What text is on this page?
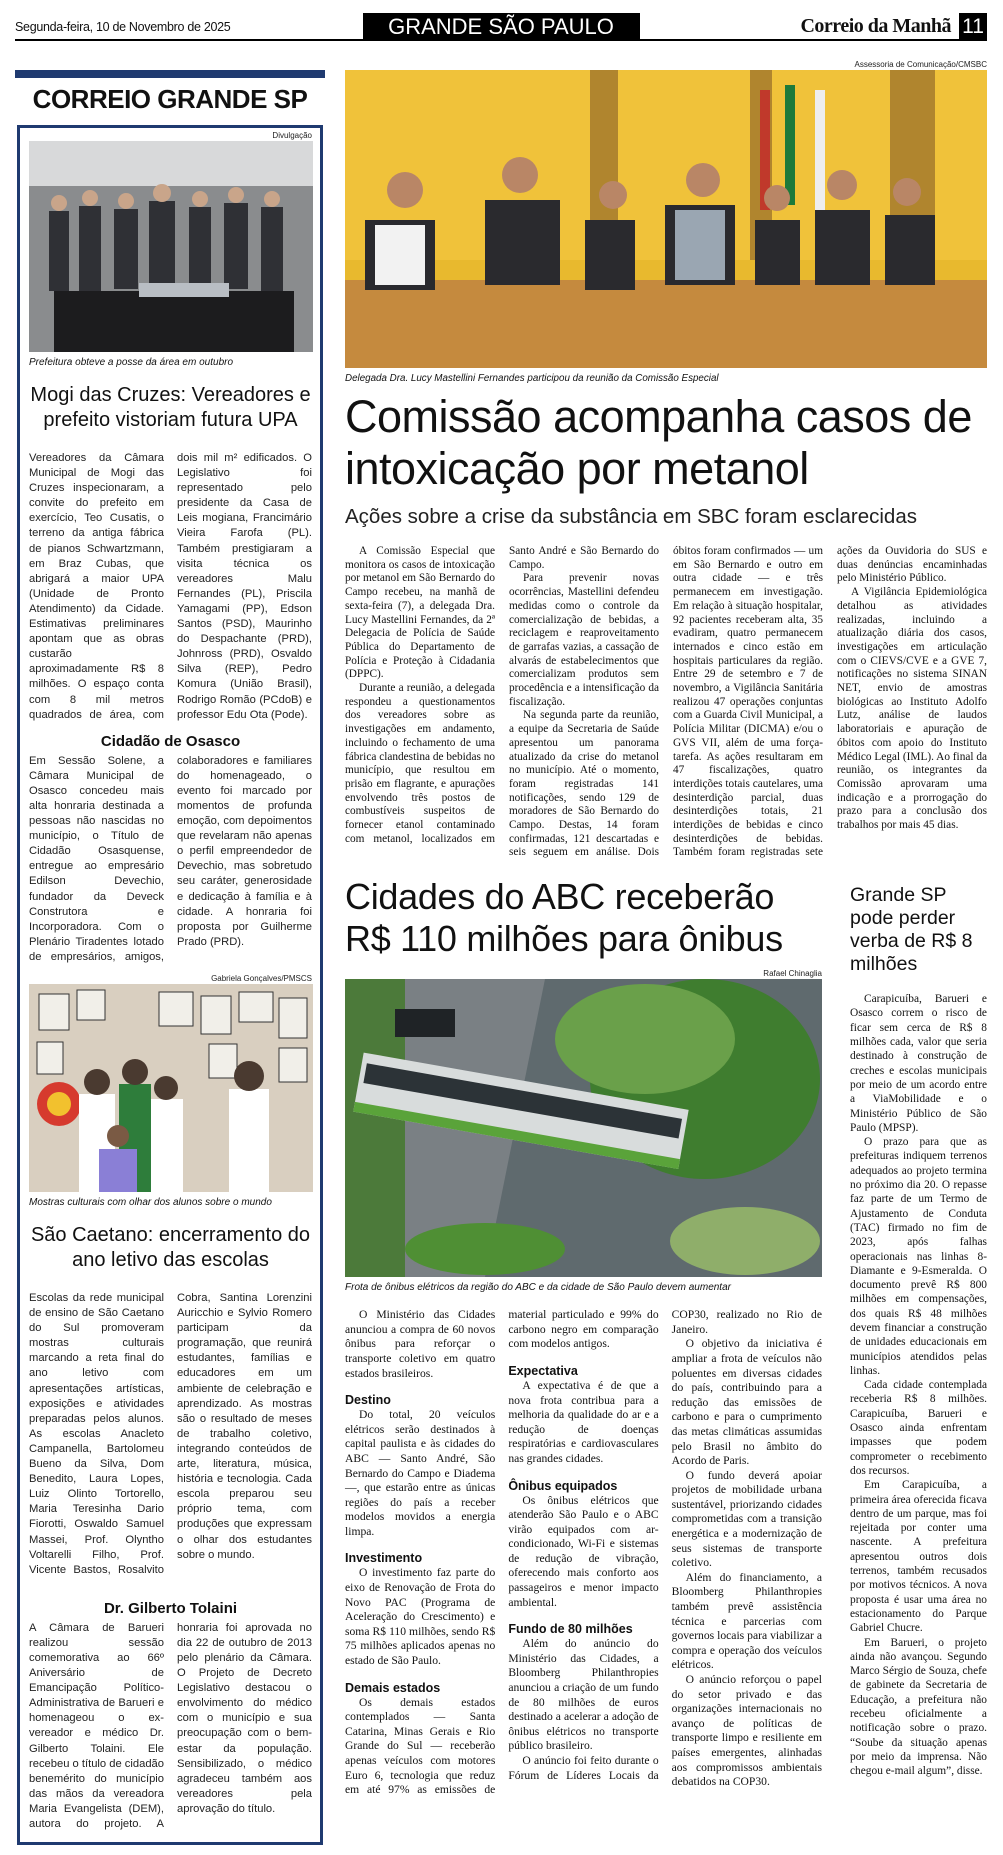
Segunda-feira, 10 de Novembro de 2025	GRANDE SÃO PAULO	Correio da Manhã 11
CORREIO GRANDE SP
Divulgação
Prefeitura obteve a posse da área em outubro
Mogi das Cruzes: Vereadores e prefeito vistoriam futura UPA
Vereadores da Câmara Municipal de Mogi das Cruzes inspecionaram, a convite do prefeito em exercício, Teo Cusatis, o terreno da antiga fábrica de pianos Schwartzmann, em Braz Cubas, que abrigará a maior UPA (Unidade de Pronto Atendimento) da Cidade. Estimativas preliminares apontam que as obras custarão aproximadamente R$ 8 milhões. O espaço conta com 8 mil metros quadrados de área, com dois mil m² edificados. O Legislativo foi representado pelo presidente da Casa de Leis mogiana, Francimário Vieira Farofa (PL). Também prestigiaram a visita técnica os vereadores Malu Fernandes (PL), Priscila Yamagami (PP), Edson Santos (PSD), Maurinho do Despachante (PRD), Johnross (PRD), Osvaldo Silva (REP), Pedro Komura (União Brasil), Rodrigo Romão (PCdoB) e professor Edu Ota (Pode).
Cidadão de Osasco
Em Sessão Solene, a Câmara Municipal de Osasco concedeu mais alta honraria destinada a pessoas não nascidas no município, o Título de Cidadão Osasquense, entregue ao empresário Edilson Devechio, fundador da Deveck Construtora e Incorporadora. Com o Plenário Tiradentes lotado de empresários, amigos, colaboradores e familiares do homenageado, o evento foi marcado por momentos de profunda emoção, com depoimentos que revelaram não apenas o perfil empreendedor de Devechio, mas sobretudo seu caráter, generosidade e dedicação à família e à cidade. A honraria foi proposta por Guilherme Prado (PRD).
Gabriela Gonçalves/PMSCS
Mostras culturais com olhar dos alunos sobre o mundo
São Caetano: encerramento do ano letivo das escolas
Escolas da rede municipal de ensino de São Caetano do Sul promoveram mostras culturais marcando a reta final do ano letivo com apresentações artísticas, exposições e atividades preparadas pelos alunos. As escolas Anacleto Campanella, Bartolomeu Bueno da Silva, Dom Benedito, Laura Lopes, Luiz Olinto Tortorello, Maria Teresinha Dario Fiorotti, Oswaldo Samuel Massei, Prof. Olyntho Voltarelli Filho, Prof. Vicente Bastos, Rosalvito Cobra, Santina Lorenzini Auricchio e Sylvio Romero participam da programação, que reunirá estudantes, famílias e educadores em um ambiente de celebração e aprendizado. As mostras são o resultado de meses de trabalho coletivo, integrando conteúdos de arte, literatura, música, história e tecnologia. Cada escola preparou seu próprio tema, com produções que expressam o olhar dos estudantes sobre o mundo.
Dr. Gilberto Tolaini
A Câmara de Barueri realizou sessão comemorativa ao 66º Aniversário de Emancipação Político-Administrativa de Barueri e homenageou o ex-vereador e médico Dr. Gilberto Tolaini. Ele recebeu o título de cidadão benemérito do município das mãos da vereadora Maria Evangelista (DEM), autora do projeto. A honraria foi aprovada no dia 22 de outubro de 2013 pelo plenário da Câmara. O Projeto de Decreto Legislativo destacou o envolvimento do médico com o município e sua preocupação com o bem-estar da população. Sensibilizado, o médico agradeceu também aos vereadores pela aprovação do título.
Assessoria de Comunicação/CMSBC
Delegada Dra. Lucy Mastellini Fernandes participou da reunião da Comissão Especial
Comissão acompanha casos de intoxicação por metanol
Ações sobre a crise da substância em SBC foram esclarecidas

A Comissão Especial que monitora os casos de intoxicação por metanol em São Bernardo do Campo recebeu, na manhã de sexta-feira (7), a delegada Dra. Lucy Mastellini Fernandes, da 2ª Delegacia de Polícia de Saúde Pública do Departamento de Polícia e Proteção à Cidadania (DPPC).

Durante a reunião, a delegada respondeu a questionamentos dos vereadores sobre as investigações em andamento, incluindo o fechamento de uma fábrica clandestina de bebidas no município, que resultou em prisão em flagrante, e apurações envolvendo três postos de combustíveis suspeitos de fornecer etanol contaminado com metanol, localizados em Santo André e São Bernardo do Campo.

Para prevenir novas ocorrências, Mastellini defendeu medidas como o controle da comercialização de bebidas, a reciclagem e reaproveitamento de garrafas vazias, a cassação de alvarás de estabelecimentos que comercializam produtos sem procedência e a intensificação da fiscalização.

Na segunda parte da reunião, a equipe da Secretaria de Saúde apresentou um panorama atualizado da crise do metanol no município. Até o momento, foram registradas 141 notificações, sendo 129 de moradores de São Bernardo do Campo. Destas, 14 foram confirmadas, 121 descartadas e seis seguem em análise. Dois óbitos foram confirmados — um em São Bernardo e outro em outra cidade — e três permanecem em investigação. Em relação à situação hospitalar, 92 pacientes receberam alta, 35 evadiram, quatro permanecem internados e cinco estão em hospitais particulares da região. Entre 29 de setembro e 7 de novembro, a Vigilância Sanitária realizou 47 operações conjuntas com a Guarda Civil Municipal, a Polícia Militar (DICMA) e/ou o GVS VII, além de uma força-tarefa. As ações resultaram em 47 fiscalizações, quatro interdições totais cautelares, uma desinterdição parcial, duas desinterdições totais, 21 interdições de bebidas e cinco desinterdições de bebidas. Também foram registradas sete ações da Ouvidoria do SUS e duas denúncias encaminhadas pelo Ministério Público.

A Vigilância Epidemiológica detalhou as atividades realizadas, incluindo a atualização diária dos casos, investigações em articulação com o CIEVS/CVE e a GVE 7, notificações no sistema SINAN NET, envio de amostras biológicas ao Instituto Adolfo Lutz, análise de laudos laboratoriais e apuração de óbitos com apoio do Instituto Médico Legal (IML). Ao final da reunião, os integrantes da Comissão aprovaram uma indicação e a prorrogação do prazo para a conclusão dos trabalhos por mais 45 dias.

Cidades do ABC receberão R$ 110 milhões para ônibus
Rafael Chinaglia
Frota de ônibus elétricos da região do ABC e da cidade de São Paulo devem aumentar

O Ministério das Cidades anunciou a compra de 60 novos ônibus para reforçar o transporte coletivo em quatro estados brasileiros.

Destino

Do total, 20 veículos elétricos serão destinados à capital paulista e às cidades do ABC — Santo André, São Bernardo do Campo e Diadema —, que estarão entre as únicas regiões do país a receber modelos movidos a energia limpa.

Investimento

O investimento faz parte do eixo de Renovação de Frota do Novo PAC (Programa de Aceleração do Crescimento) e soma R$ 110 milhões, sendo R$ 75 milhões aplicados apenas no estado de São Paulo.

Demais estados

Os demais estados contemplados — Santa Catarina, Minas Gerais e Rio Grande do Sul — receberão apenas veículos com motores Euro 6, tecnologia que reduz em até 97% as emissões de material particulado e 99% do carbono negro em comparação com modelos antigos.

Expectativa

A expectativa é de que a nova frota contribua para a melhoria da qualidade do ar e a redução de doenças respiratórias e cardiovasculares nas grandes cidades.

Ônibus equipados

Os ônibus elétricos que atenderão São Paulo e o ABC virão equipados com ar-condicionado, Wi-Fi e sistemas de redução de vibração, oferecendo mais conforto aos passageiros e menor impacto ambiental.

Fundo de 80 milhões

Além do anúncio do Ministério das Cidades, a Bloomberg Philanthropies anunciou a criação de um fundo de 80 milhões de euros destinado a acelerar a adoção de ônibus elétricos no transporte público brasileiro.

O anúncio foi feito durante o Fórum de Líderes Locais da COP30, realizado no Rio de Janeiro.

O objetivo da iniciativa é ampliar a frota de veículos não poluentes em diversas cidades do país, contribuindo para a redução das emissões de carbono e para o cumprimento das metas climáticas assumidas pelo Brasil no âmbito do Acordo de Paris.

O fundo deverá apoiar projetos de mobilidade urbana sustentável, priorizando cidades comprometidas com a transição energética e a modernização de seus sistemas de transporte coletivo.

Além do financiamento, a Bloomberg Philanthropies também prevê assistência técnica e parcerias com governos locais para viabilizar a compra e operação dos veículos elétricos.

O anúncio reforçou o papel do setor privado e das organizações internacionais no avanço de políticas de transporte limpo e resiliente em países emergentes, alinhadas aos compromissos ambientais debatidos na COP30.

Grande SP pode perder verba de R$ 8 milhões

Carapicuíba, Barueri e Osasco correm o risco de ficar sem cerca de R$ 8 milhões cada, valor que seria destinado à construção de creches e escolas municipais por meio de um acordo entre a ViaMobilidade e o Ministério Público de São Paulo (MPSP).

O prazo para que as prefeituras indiquem terrenos adequados ao projeto termina no próximo dia 20. O repasse faz parte de um Termo de Ajustamento de Conduta (TAC) firmado no fim de 2023, após falhas operacionais nas linhas 8-Diamante e 9-Esmeralda. O documento prevê R$ 800 milhões em compensações, dos quais R$ 48 milhões devem financiar a construção de unidades educacionais em municípios atendidos pelas linhas.

Cada cidade contemplada receberia R$ 8 milhões. Carapicuíba, Barueri e Osasco ainda enfrentam impasses que podem comprometer o recebimento dos recursos.

Em Carapicuíba, a primeira área oferecida ficava dentro de um parque, mas foi rejeitada por conter uma nascente. A prefeitura apresentou outros dois terrenos, também recusados por motivos técnicos. A nova proposta é usar uma área no estacionamento do Parque Gabriel Chucre.

Em Barueri, o projeto ainda não avançou. Segundo Marco Sérgio de Souza, chefe de gabinete da Secretaria de Educação, a prefeitura não recebeu oficialmente a notificação sobre o prazo. “Soube da situação apenas por meio da imprensa. Não chegou e-mail algum”, disse.
